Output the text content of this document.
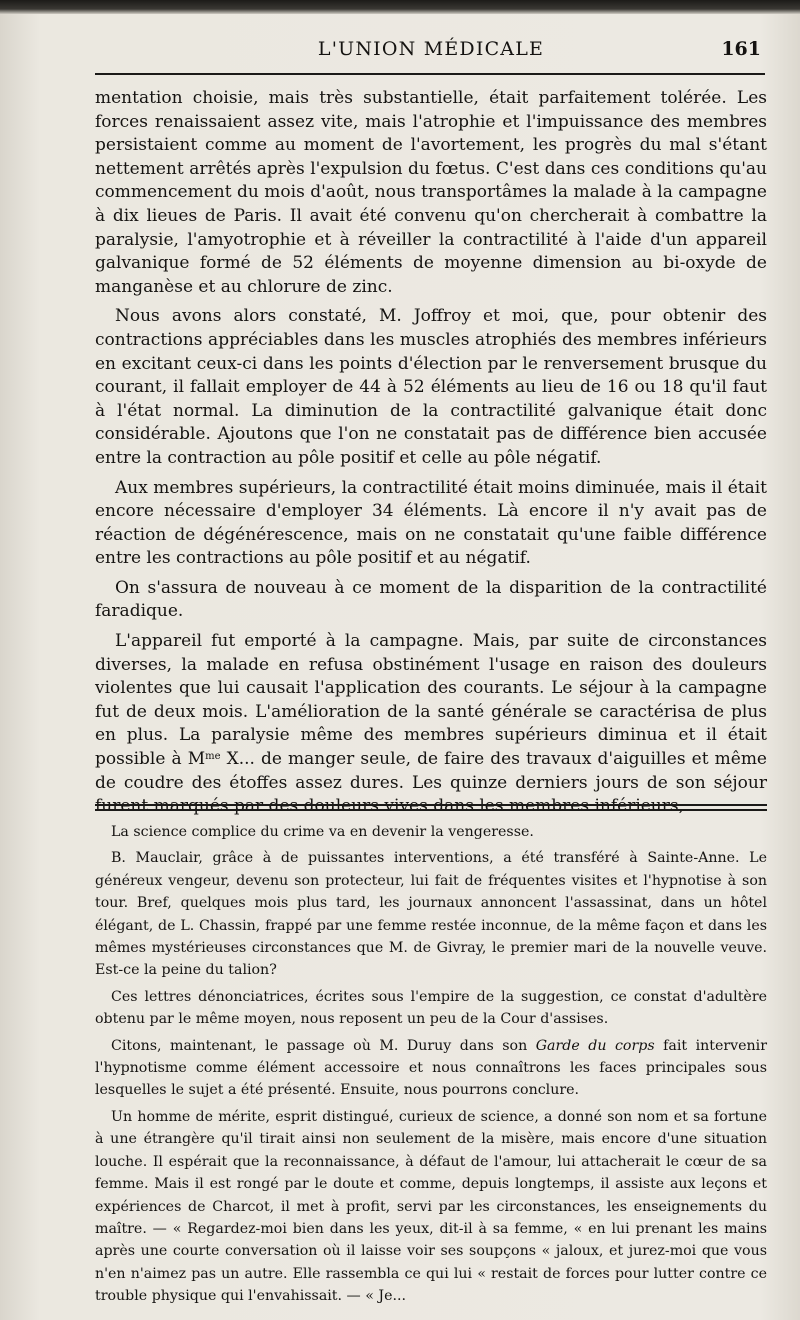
L'UNION MÉDICALE	161

mentation choisie, mais très substantielle, était parfaitement tolérée. Les forces renaissaient assez vite, mais l'atrophie et l'impuissance des membres persistaient comme au moment de l'avortement, les progrès du mal s'étant nettement arrêtés après l'expulsion du fœtus. C'est dans ces conditions qu'au commencement du mois d'août, nous transportâmes la malade à la campagne à dix lieues de Paris. Il avait été convenu qu'on chercherait à combattre la paralysie, l'amyotrophie et à réveiller la contractilité à l'aide d'un appareil galvanique formé de 52 éléments de moyenne dimension au bi-oxyde de manganèse et au chlorure de zinc.

Nous avons alors constaté, M. Joffroy et moi, que, pour obtenir des contractions appréciables dans les muscles atrophiés des membres inférieurs en excitant ceux-ci dans les points d'élection par le renversement brusque du courant, il fallait employer de 44 à 52 éléments au lieu de 16 ou 18 qu'il faut à l'état normal. La diminution de la contractilité galvanique était donc considérable. Ajoutons que l'on ne constatait pas de différence bien accusée entre la contraction au pôle positif et celle au pôle négatif.

Aux membres supérieurs, la contractilité était moins diminuée, mais il était encore nécessaire d'employer 34 éléments. Là encore il n'y avait pas de réaction de dégénérescence, mais on ne constatait qu'une faible différence entre les contractions au pôle positif et au négatif.

On s'assura de nouveau à ce moment de la disparition de la contractilité faradique.

L'appareil fut emporté à la campagne. Mais, par suite de circonstances diverses, la malade en refusa obstinément l'usage en raison des douleurs violentes que lui causait l'application des courants. Le séjour à la campagne fut de deux mois. L'amélioration de la santé générale se caractérisa de plus en plus. La paralysie même des membres supérieurs diminua et il était possible à $M^{me}$ X... de manger seule, de faire des travaux d'aiguilles et même de coudre des étoffes assez dures. Les quinze derniers jours de son séjour furent marqués par des douleurs vives dans les membres inférieurs,

La science complice du crime va en devenir la vengeresse.

B. Mauclair, grâce à de puissantes interventions, a été transféré à Sainte-Anne. Le généreux vengeur, devenu son protecteur, lui fait de fréquentes visites et l'hypnotise à son tour. Bref, quelques mois plus tard, les journaux annoncent l'assassinat, dans un hôtel élégant, de L. Chassin, frappé par une femme restée inconnue, de la même façon et dans les mêmes mystérieuses circonstances que M. de Givray, le premier mari de la nouvelle veuve. Est-ce la peine du talion?

Ces lettres dénonciatrices, écrites sous l'empire de la suggestion, ce constat d'adultère obtenu par le même moyen, nous reposent un peu de la Cour d'assises.

Citons, maintenant, le passage où M. Duruy dans son Garde du corps fait intervenir l'hypnotisme comme élément accessoire et nous connaîtrons les faces principales sous lesquelles le sujet a été présenté. Ensuite, nous pourrons conclure.

Un homme de mérite, esprit distingué, curieux de science, a donné son nom et sa fortune à une étrangère qu'il tirait ainsi non seulement de la misère, mais encore d'une situation louche. Il espérait que la reconnaissance, à défaut de l'amour, lui attacherait le cœur de sa femme. Mais il est rongé par le doute et comme, depuis longtemps, il assiste aux leçons et expériences de Charcot, il met à profit, servi par les circonstances, les enseignements du maître. — « Regardez-moi bien dans les yeux, dit-il à sa femme, « en lui prenant les mains après une courte conversation où il laisse voir ses soupçons « jaloux, et jurez-moi que vous n'en n'aimez pas un autre. Elle rassembla ce qui lui « restait de forces pour lutter contre ce trouble physique qui l'envahissait. — « Je...
